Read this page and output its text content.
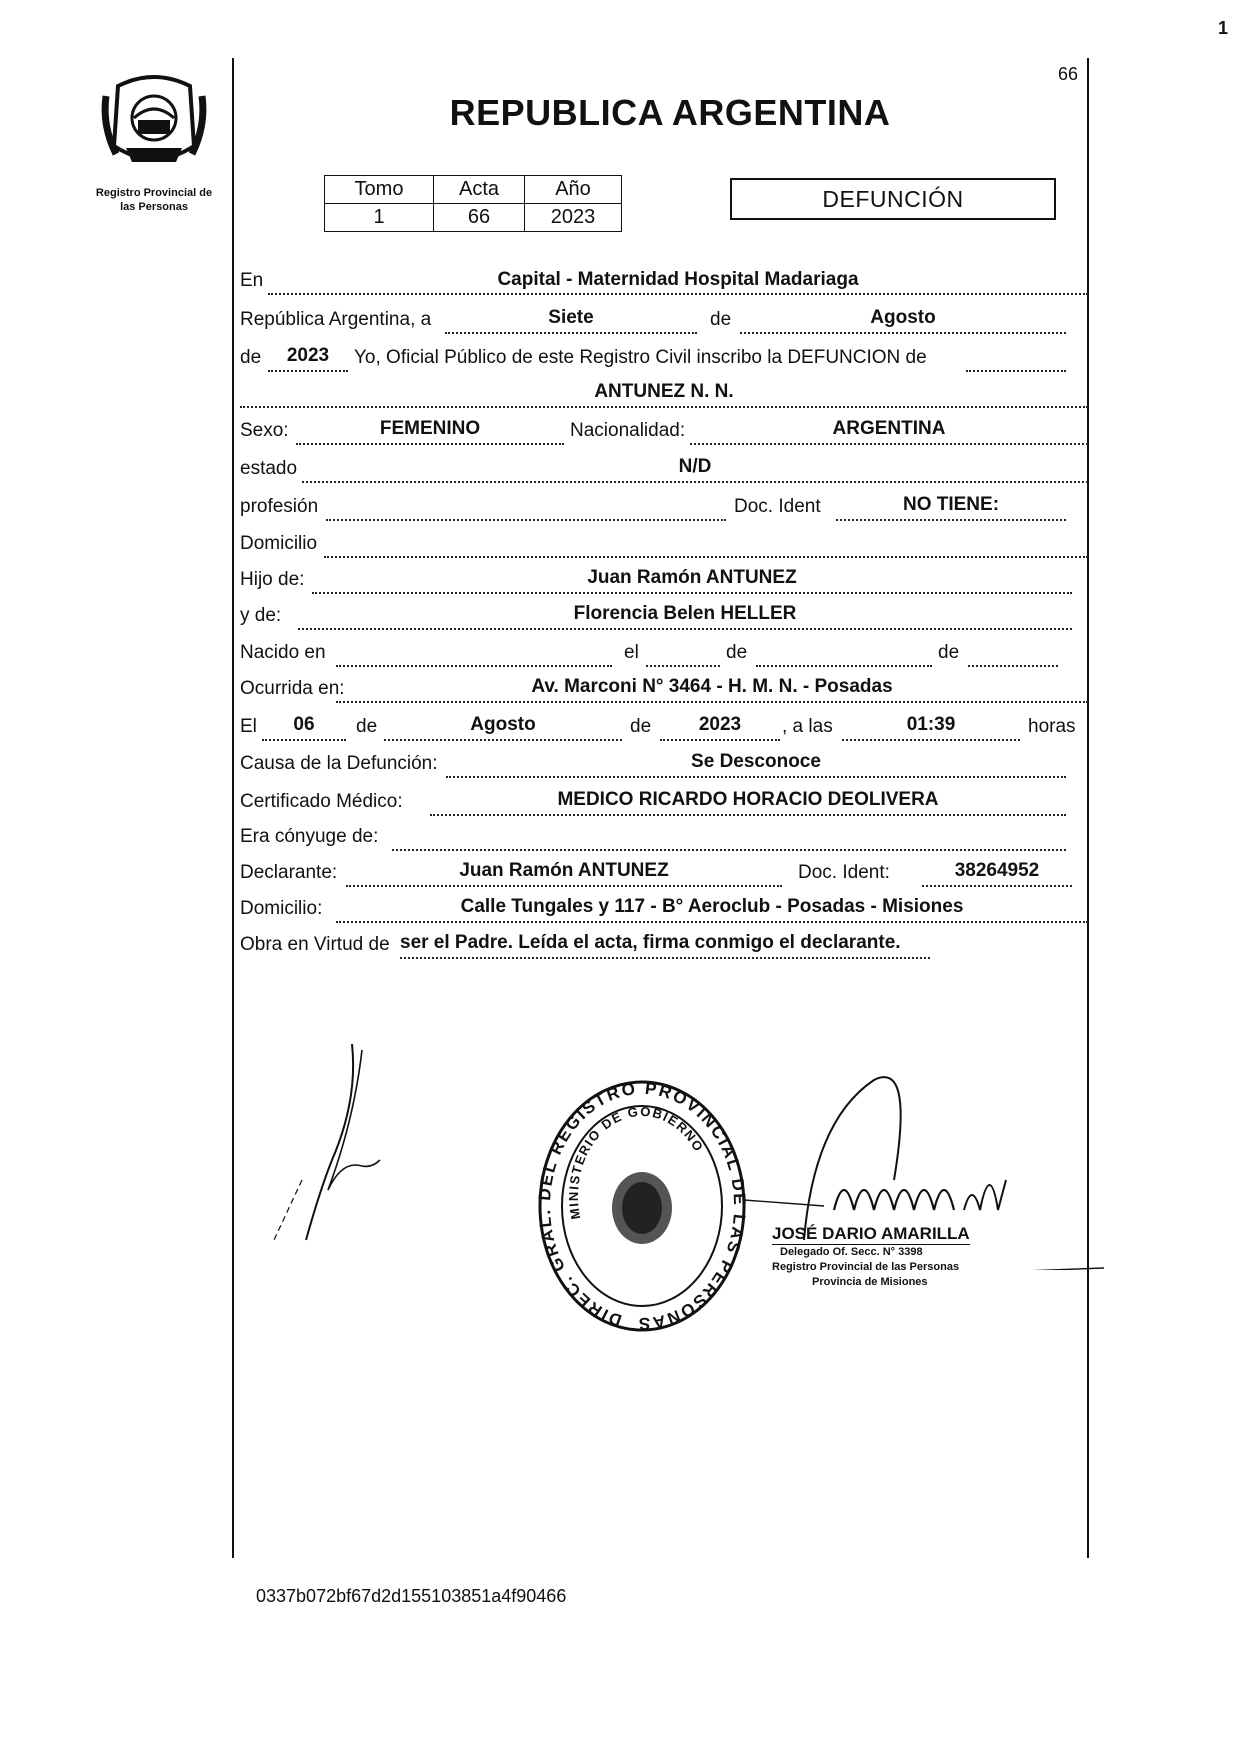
1
Registro Provincial de
las Personas
66
REPUBLICA ARGENTINA
Tomo	Acta	Año
1	66	2023
DEFUNCIÓN
En	Capital - Maternidad Hospital Madariaga
República Argentina, a	Siete	de	Agosto
de	2023	Yo, Oficial Público de este Registro Civil inscribo la DEFUNCION de
ANTUNEZ N. N.
Sexo:	FEMENINO	Nacionalidad:	ARGENTINA
estado	N/D
profesión	Doc. Ident	NO TIENE:
Domicilio
Hijo de:	Juan Ramón ANTUNEZ
y de:	Florencia Belen HELLER
Nacido en	el	de	de
Ocurrida en:	Av. Marconi N° 3464 - H. M. N. - Posadas
El	06	de	Agosto	de	2023	, a las	01:39	horas
Causa de la Defunción:	Se Desconoce
Certificado Médico:	MEDICO RICARDO HORACIO DEOLIVERA
Era cónyuge de:
Declarante:	Juan Ramón ANTUNEZ	Doc. Ident:	38264952
Domicilio:	Calle Tungales y 117 - B° Aeroclub - Posadas - Misiones
Obra en Virtud de ser el Padre. Leída el acta, firma conmigo el declarante.
DIREC. GRAL. DEL REGISTRO PROVINCIAL DE LAS PERSONAS
MINISTERIO DE GOBIERNO
JOSÉ DARIO AMARILLA
Delegado Of. Secc. N° 3398
Registro Provincial de las Personas
Provincia de Misiones
0337b072bf67d2d155103851a4f90466
